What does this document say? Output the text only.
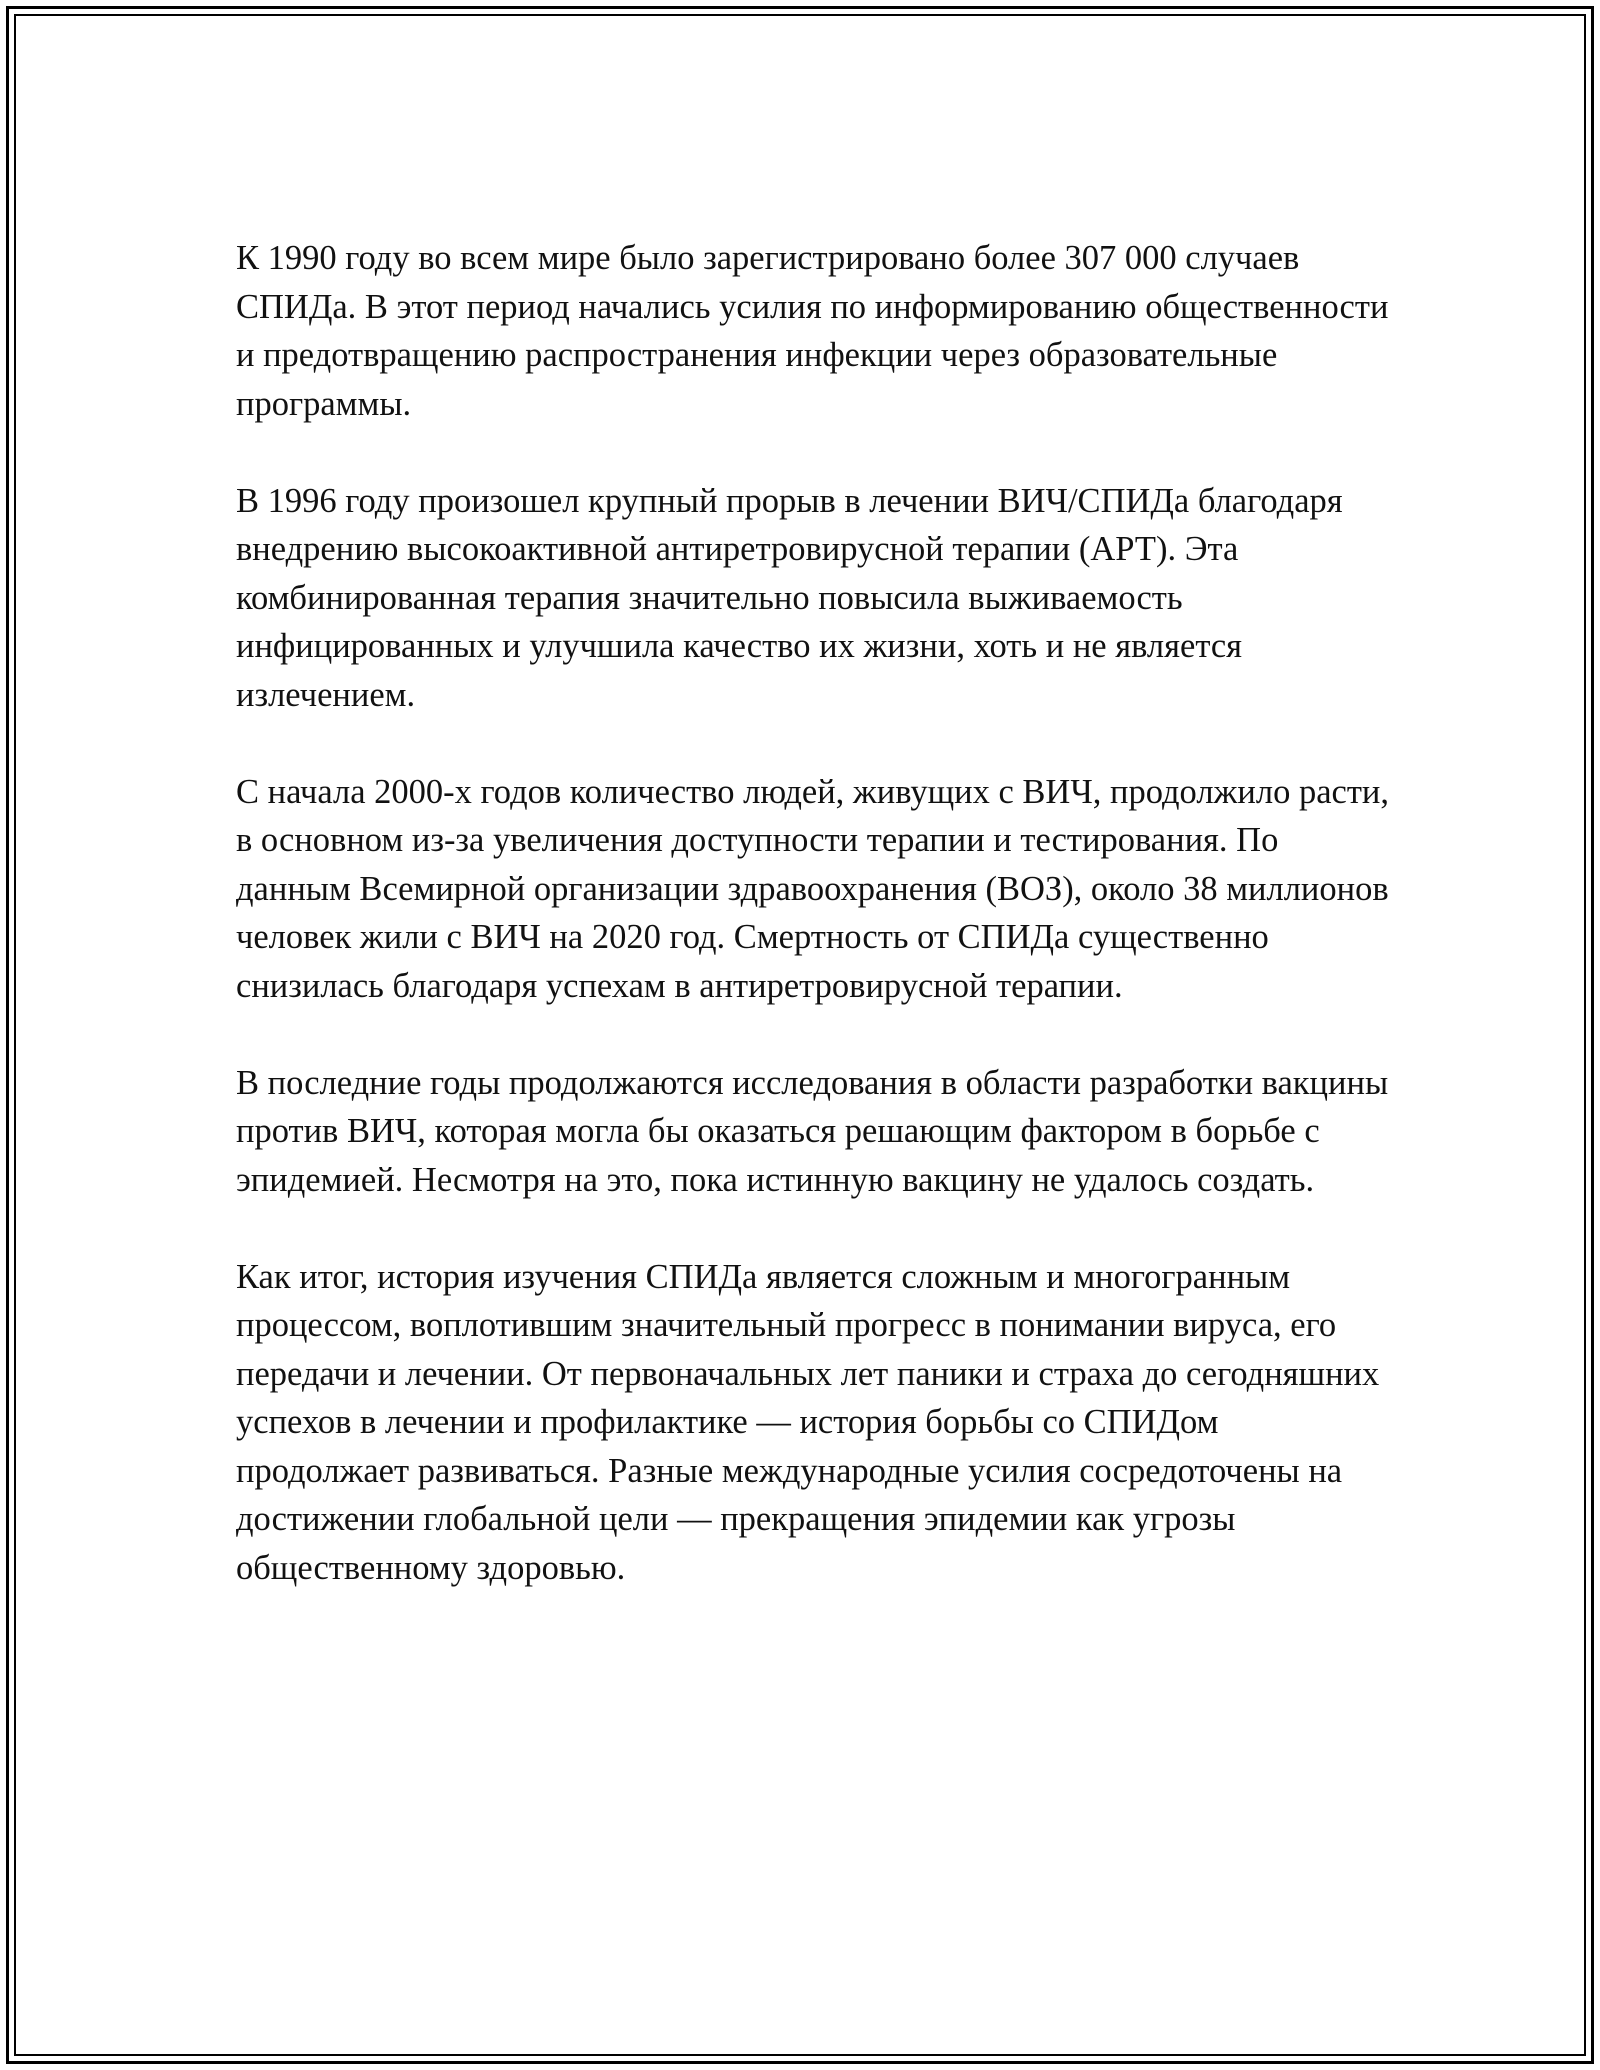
К 1990 году во всем мире было зарегистрировано более 307 000 случаев СПИДа. В этот период начались усилия по информированию общественности и предотвращению распространения инфекции через образовательные программы.

В 1996 году произошел крупный прорыв в лечении ВИЧ/СПИДа благодаря внедрению высокоактивной антиретровирусной терапии (АРТ). Эта комбинированная терапия значительно повысила выживаемость инфицированных и улучшила качество их жизни, хоть и не является излечением.

С начала 2000-х годов количество людей, живущих с ВИЧ, продолжило расти, в основном из-за увеличения доступности терапии и тестирования. По данным Всемирной организации здравоохранения (ВОЗ), около 38 миллионов человек жили с ВИЧ на 2020 год. Смертность от СПИДа существенно снизилась благодаря успехам в антиретровирусной терапии.

В последние годы продолжаются исследования в области разработки вакцины против ВИЧ, которая могла бы оказаться решающим фактором в борьбе с эпидемией. Несмотря на это, пока истинную вакцину не удалось создать.

Как итог, история изучения СПИДа является сложным и многогранным процессом, воплотившим значительный прогресс в понимании вируса, его передачи и лечении. От первоначальных лет паники и страха до сегодняшних успехов в лечении и профилактике — история борьбы со СПИДом продолжает развиваться. Разные международные усилия сосредоточены на достижении глобальной цели — прекращения эпидемии как угрозы общественному здоровью.
